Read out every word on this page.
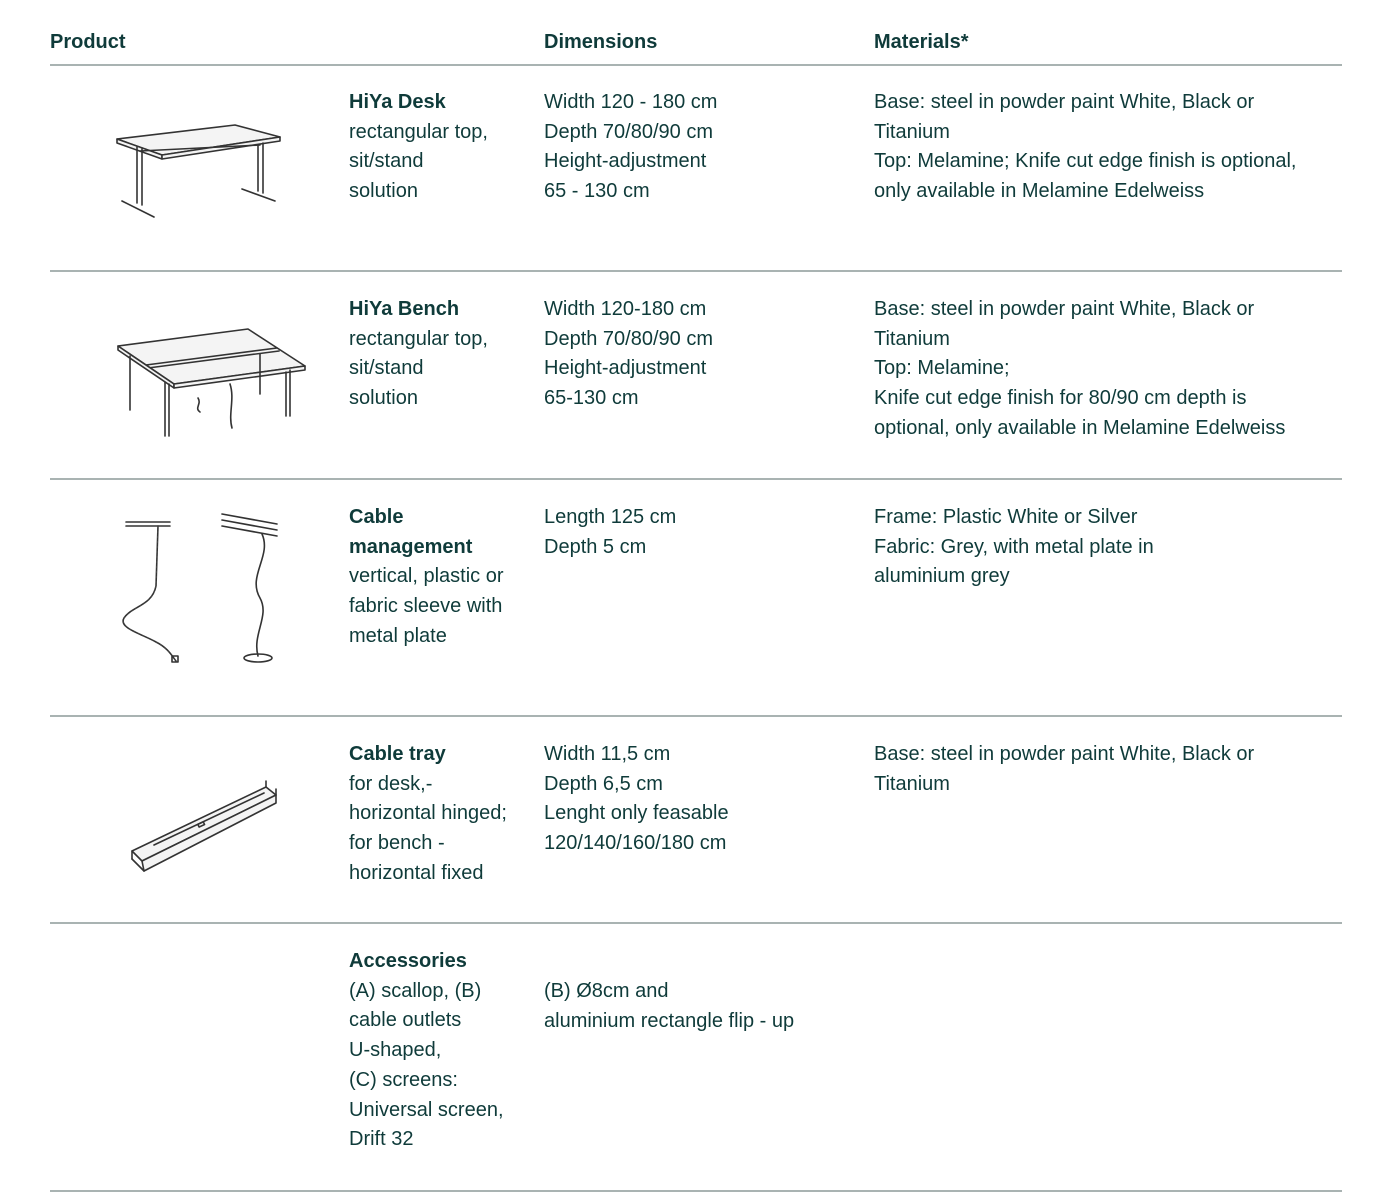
Product	Dimensions	Materials*
HiYa Desk
rectangular top,
sit/stand
solution
Width 120 - 180 cm
Depth 70/80/90 cm
Height-adjustment
65 - 130 cm
Base: steel in powder paint White, Black or
Titanium
Top: Melamine; Knife cut edge finish is optional,
only available in Melamine Edelweiss
HiYa Bench
rectangular top,
sit/stand
solution
Width 120-180 cm
Depth 70/80/90 cm
Height-adjustment
65-130 cm
Base: steel in powder paint White, Black or
Titanium
Top: Melamine;
Knife cut edge finish for 80/90 cm depth is
optional, only available in Melamine Edelweiss
Cable
management
vertical, plastic or
fabric sleeve with
metal plate
Length 125 cm
Depth 5 cm
Frame: Plastic White or Silver
Fabric: Grey, with metal plate in
aluminium grey
Cable tray
for desk,-
horizontal hinged;
for bench -
horizontal fixed
Width 11,5 cm
Depth 6,5 cm
Lenght only feasable
120/140/160/180 cm
Base: steel in powder paint White, Black or
Titanium
Accessories
(A) scallop, (B)
cable outlets
U-shaped,
(C) screens:
Universal screen,
Drift 32
(B) Ø8cm and
aluminium rectangle flip - up
